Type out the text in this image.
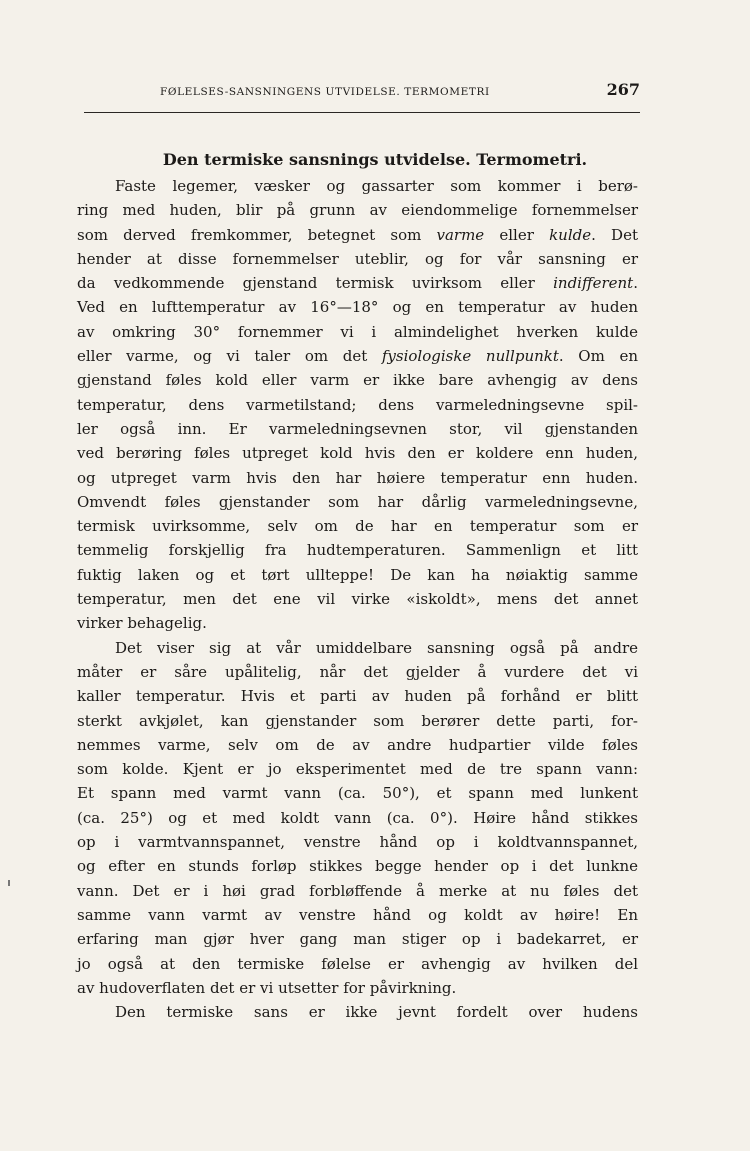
FØLELSES-SANSNINGENS UTVIDELSE. TERMOMETRI	267
Den termiske sansnings utvidelse. Termometri.
Faste legemer, væsker og gassarter som kommer i berø-
ring med huden, blir på grunn av eiendommelige fornemmelser
som derved fremkommer, betegnet som varme eller kulde. Det
hender at disse fornemmelser uteblir, og for vår sansning er
da vedkommende gjenstand termisk uvirksom eller indifferent.
Ved en lufttemperatur av 16°—18° og en temperatur av huden
av omkring 30° fornemmer vi i almindelighet hverken kulde
eller varme, og vi taler om det fysiologiske nullpunkt. Om en
gjenstand føles kold eller varm er ikke bare avhengig av dens
temperatur, dens varmetilstand; dens varmeledningsevne spil-
ler også inn. Er varmeledningsevnen stor, vil gjenstanden
ved berøring føles utpreget kold hvis den er koldere enn huden,
og utpreget varm hvis den har høiere temperatur enn huden.
Omvendt føles gjenstander som har dårlig varmeledningsevne,
termisk uvirksomme, selv om de har en temperatur som er
temmelig forskjellig fra hudtemperaturen. Sammenlign et litt
fuktig laken og et tørt ullteppe! De kan ha nøiaktig samme
temperatur, men det ene vil virke «iskoldt», mens det annet
virker behagelig.
Det viser sig at vår umiddelbare sansning også på andre
måter er såre upålitelig, når det gjelder å vurdere det vi
kaller temperatur. Hvis et parti av huden på forhånd er blitt
sterkt avkjølet, kan gjenstander som berører dette parti, for-
nemmes varme, selv om de av andre hudpartier vilde føles
som kolde. Kjent er jo eksperimentet med de tre spann vann:
Et spann med varmt vann (ca. 50°), et spann med lunkent
(ca. 25°) og et med koldt vann (ca. 0°). Høire hånd stikkes
op i varmtvannspannet, venstre hånd op i koldtvannspannet,
og efter en stunds forløp stikkes begge hender op i det lunkne
vann. Det er i høi grad forbløffende å merke at nu føles det
samme vann varmt av venstre hånd og koldt av høire! En
erfaring man gjør hver gang man stiger op i badekarret, er
jo også at den termiske følelse er avhengig av hvilken del
av hudoverflaten det er vi utsetter for påvirkning.
Den termiske sans er ikke jevnt fordelt over hudens
